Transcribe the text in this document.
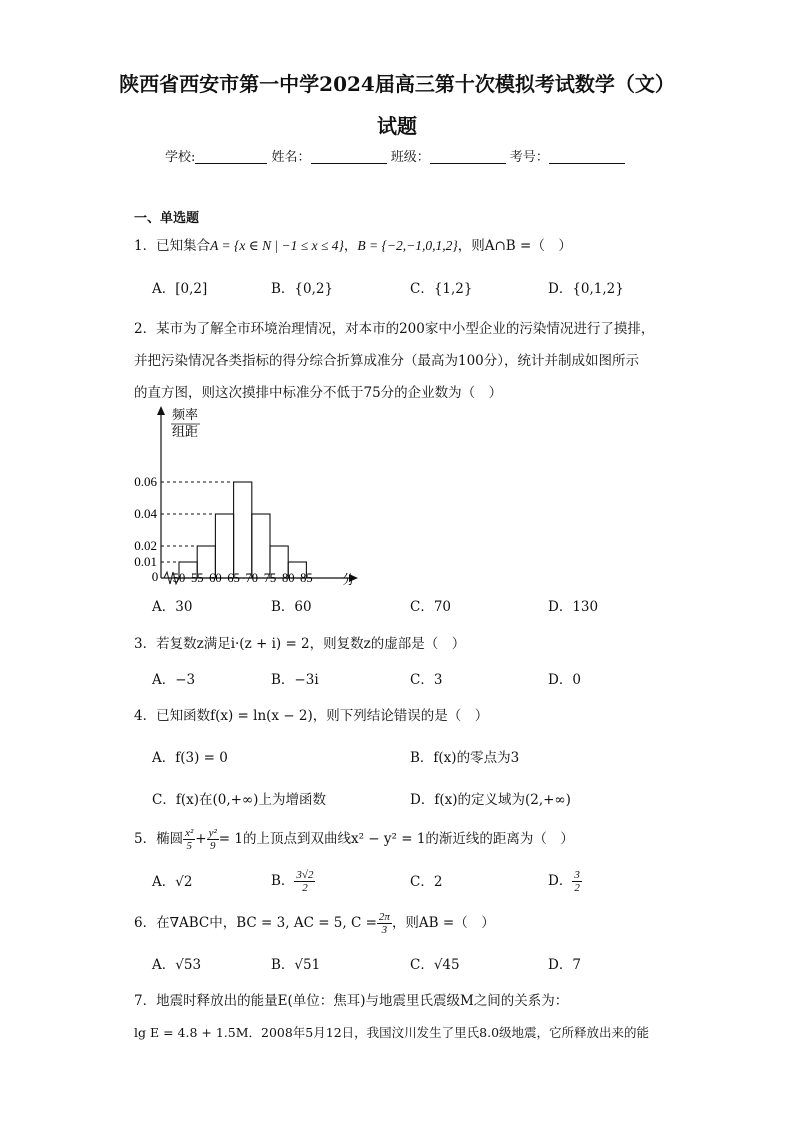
陕西省西安市第一中学2024届高三第十次模拟考试数学（文）
试题
学校:	姓名：	班级：	考号：
一、单选题
1．已知集合A = {x ∈ N | −1 ≤ x ≤ 4}，B = {−2,−1,0,1,2}，则A∩B =（　）
A．[0,2]	B．{0,2}	C．{1,2}	D．{0,1,2}
2．某市为了解全市环境治理情况，对本市的200家中小型企业的污染情况进行了摸排，
并把污染情况各类指标的得分综合折算成准分（最高为100分），统计并制成如图所示
的直方图，则这次摸排中标准分不低于75分的企业数为（　）
0
频率
组距
分
0.06
0.04
0.02
0.01
50 55 60 65 70 75 80 85
A．30	B．60	C．70	D．130
3．若复数z满足i·(z + i) = 2，则复数z的虚部是（　）
A．−3	B．−3i	C．3	D．0
4．已知函数f(x) = ln(x − 2)，则下列结论错误的是（　）
A．f(3) = 0	B．f(x)的零点为3
C．f(x)在(0,+∞)上为增函数	D．f(x)的定义域为(2,+∞)
5．椭圆 $\frac{\text{x²}}{5} + \frac{\text{y²}}{9} = 1$的上顶点到双曲线x² − y² = 1的渐近线的距离为（　）
A．√2	B． $\frac{3√2}{2}$	C．2	D． $\frac{3}{2}$
6．在∇ABC中，BC = 3, AC = 5, $C = \frac{2\pi}{3}$ ，则AB =（　）
A．√53	B．√51	C．√45	D．7
7．地震时释放出的能量E(单位：焦耳)与地震里氏震级M之间的关系为：
lg E = 4.8 + 1.5M．2008年5月12日，我国汶川发生了里氏8.0级地震，它所释放出来的能
